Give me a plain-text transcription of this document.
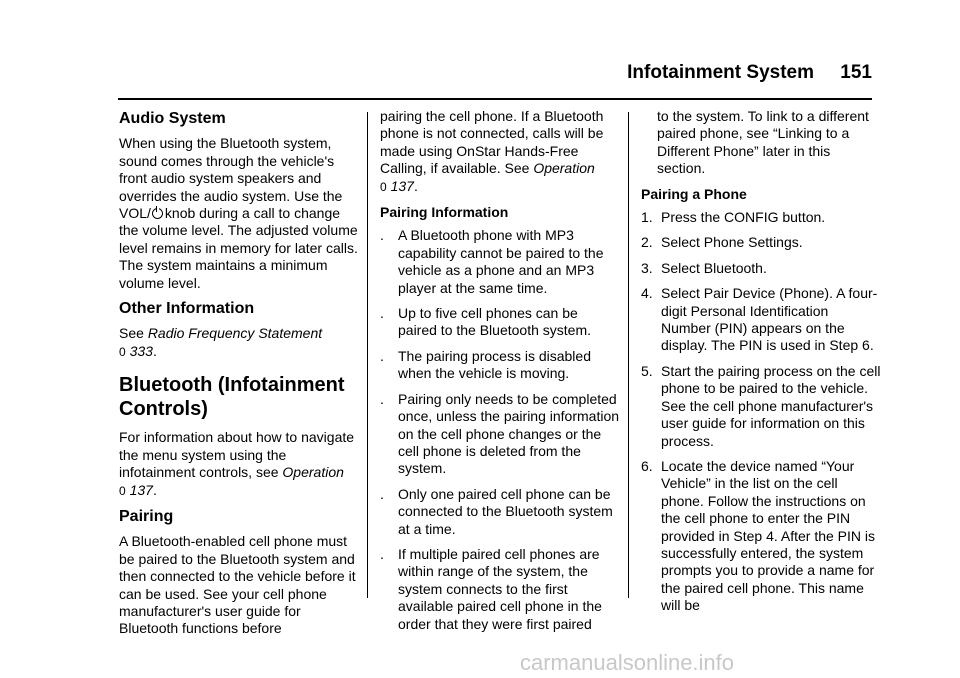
Infotainment System 151
Audio System

When using the Bluetooth system, sound comes through the vehicle's front audio system speakers and overrides the audio system. Use the
VOL/ knob during a call to change the volume level. The adjusted volume level remains in memory for later calls. The system maintains a minimum volume level.

Other Information

See Radio Frequency Statement
0 333.

Bluetooth (Infotainment Controls)

For information about how to navigate the menu system using the infotainment controls, see Operation
0 137.

Pairing

A Bluetooth-enabled cell phone must be paired to the Bluetooth system and then connected to the vehicle before it can be used. See your cell phone manufacturer's user guide for Bluetooth functions before

pairing the cell phone. If a Bluetooth phone is not connected, calls will be made using OnStar Hands-Free Calling, if available. See Operation
0 137.

Pairing Information
. A Bluetooth phone with MP3 capability cannot be paired to the vehicle as a phone and an MP3 player at the same time.
. Up to five cell phones can be paired to the Bluetooth system.
. The pairing process is disabled when the vehicle is moving.
. Pairing only needs to be completed once, unless the pairing information on the cell phone changes or the cell phone is deleted from the system.
. Only one paired cell phone can be connected to the Bluetooth system at a time.
. If multiple paired cell phones are within range of the system, the system connects to the first available paired cell phone in the order that they were first paired

to the system. To link to a different paired phone, see “Linking to a Different Phone” later in this section.

Pairing a Phone
1. Press the CONFIG button.
2. Select Phone Settings.
3. Select Bluetooth.
4. Select Pair Device (Phone). A four-digit Personal Identification Number (PIN) appears on the display. The PIN is used in Step 6.
5. Start the pairing process on the cell phone to be paired to the vehicle. See the cell phone manufacturer's user guide for information on this process.
6. Locate the device named “Your Vehicle” in the list on the cell phone. Follow the instructions on the cell phone to enter the PIN provided in Step 4. After the PIN is successfully entered, the system prompts you to provide a name for the paired cell phone. This name will be
carmanualsonline.info
